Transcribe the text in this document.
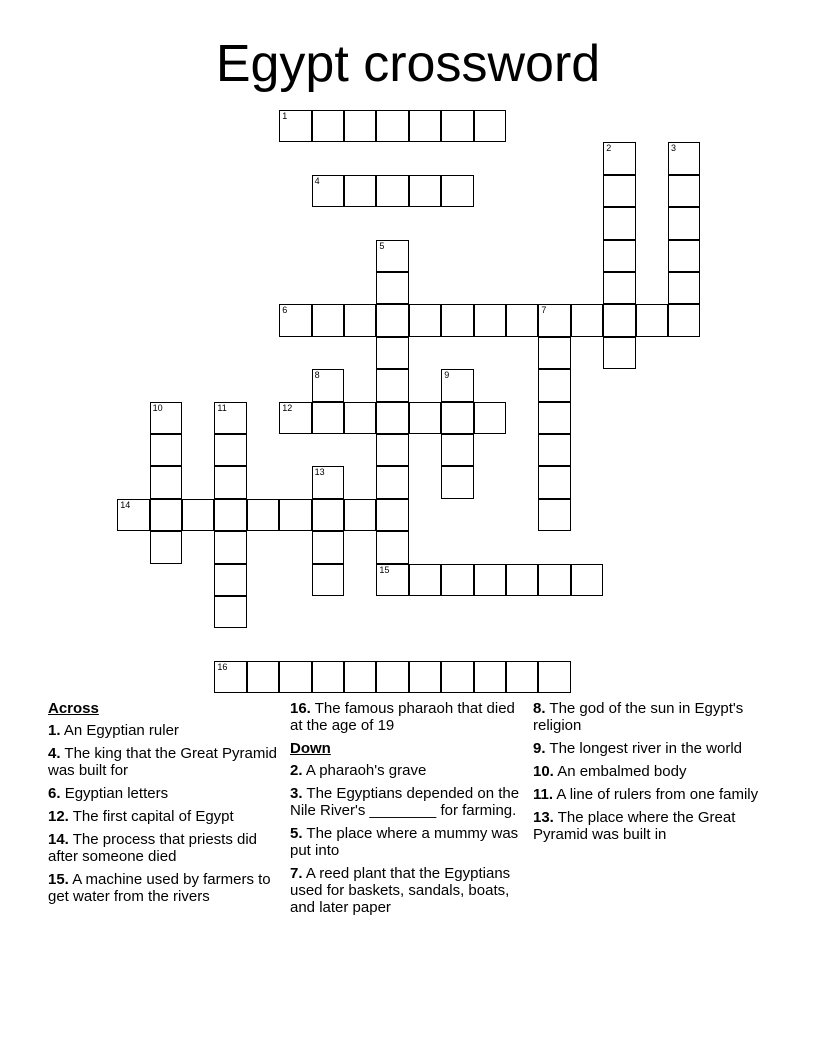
Egypt crossword
1
2	3
4
5
6	7
8	9
10	11	12
13
14
15
16
Across
1. An Egyptian ruler
4. The king that the Great Pyramid was built for
6. Egyptian letters
12. The first capital of Egypt
14. The process that priests did after someone died
15. A machine used by farmers to get water from the rivers
16. The famous pharaoh that died at the age of 19
Down
2. A pharaoh's grave
3. The Egyptians depended on the Nile River's ________ for farming.
5. The place where a mummy was put into
7. A reed plant that the Egyptians used for baskets, sandals, boats, and later paper
8. The god of the sun in Egypt's religion
9. The longest river in the world
10. An embalmed body
11. A line of rulers from one family
13. The place where the Great Pyramid was built in
